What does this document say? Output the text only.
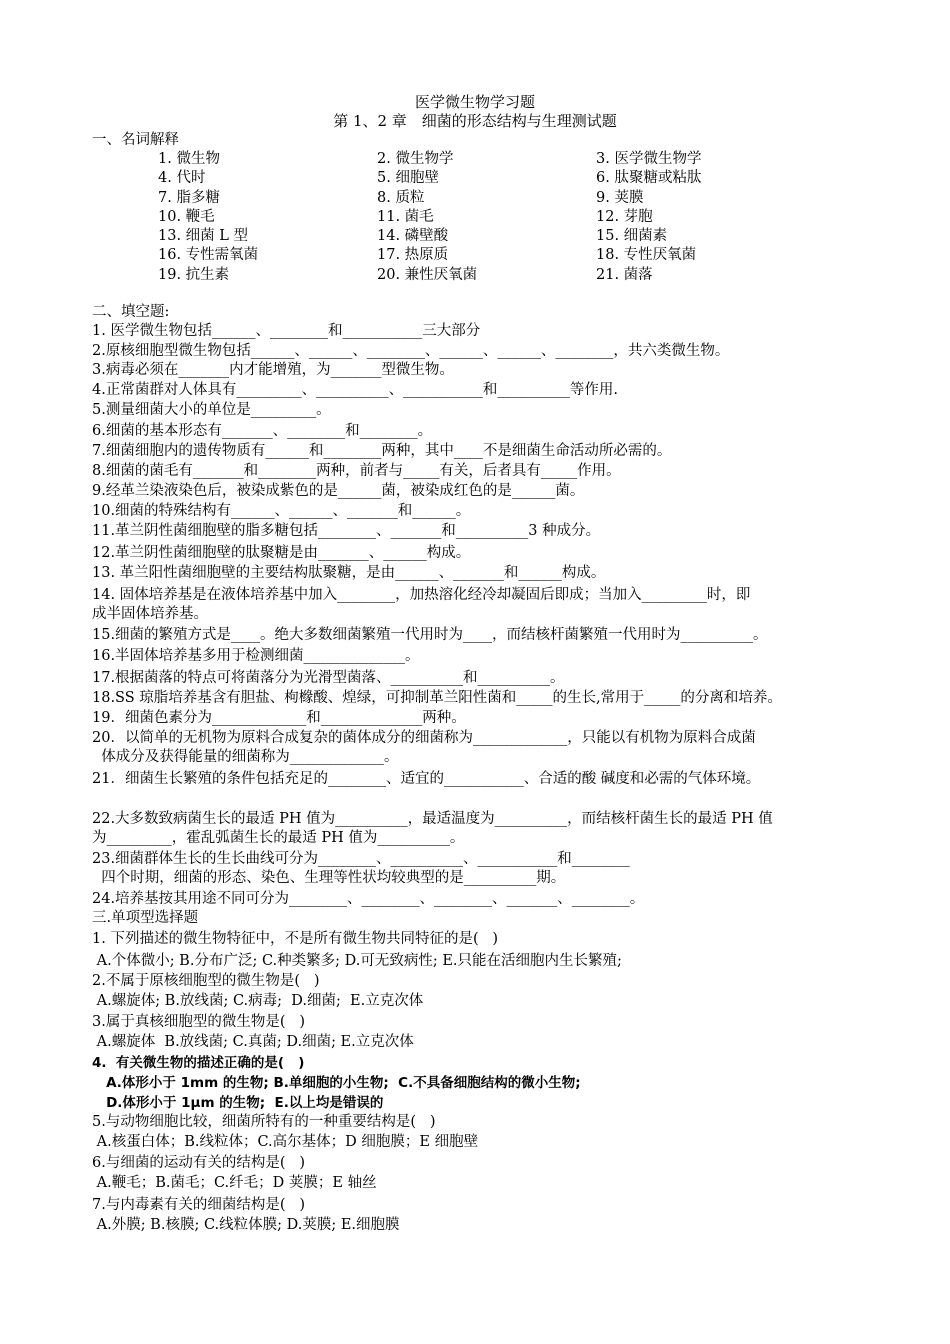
医学微生物学习题
第 1、2 章　细菌的形态结构与生理测试题
一、名词解释
1. 微生物	2. 微生物学	3. 医学微生物学
4. 代时	5. 细胞壁	6. 肽聚糖或粘肽
7. 脂多糖	8. 质粒	9. 荚膜
10. 鞭毛	11. 菌毛	12. 芽胞
13. 细菌 L 型	14. 磷壁酸	15. 细菌素
16. 专性需氧菌	17. 热原质	18. 专性厌氧菌
19. 抗生素	20. 兼性厌氧菌	21. 菌落
二、填空题:
1. 医学微生物包括______、________和___________三大部分
2.原核细胞型微生物包括______、______、________、______、______、________，共六类微生物。
3.病毒必须在_______内才能增殖，为_______型微生物。
4.正常菌群对人体具有_________、__________、___________和__________等作用.
5.测量细菌大小的单位是_________。
6.细菌的基本形态有_______、________和________。
7.细菌细胞内的遗传物质有______和________两种，其中____不是细菌生命活动所必需的。
8.细菌的菌毛有_______和________两种，前者与_____有关，后者具有_____作用。
9.经革兰染液染色后，被染成紫色的是______菌，被染成红色的是______菌。
10.细菌的特殊结构有______、______、_______和______。
11.革兰阴性菌细胞壁的脂多糖包括________、_______和__________3 种成分。
12.革兰阴性菌细胞壁的肽聚糖是由_______、______构成。
13. 革兰阳性菌细胞壁的主要结构肽聚糖，是由______、_______和______构成。
14. 固体培养基是在液体培养基中加入________，加热溶化经冷却凝固后即成；当加入_________时，即
成半固体培养基。
15.细菌的繁殖方式是____。绝大多数细菌繁殖一代用时为____，而结核杆菌繁殖一代用时为__________。
16.半固体培养基多用于检测细菌______________。
17.根据菌落的特点可将菌落分为光滑型菌落、__________和__________。
18.SS 琼脂培养基含有胆盐、枸橼酸、煌绿，可抑制革兰阳性菌和_____的生长,常用于_____的分离和培养。
19．细菌色素分为_____________和______________两种。
20．以简单的无机物为原料合成复杂的菌体成分的细菌称为_____________，只能以有机物为原料合成菌
体成分及获得能量的细菌称为_____________。
21．细菌生长繁殖的条件包括充足的________、适宜的___________、合适的酸 碱度和必需的气体环境。
22.大多数致病菌生长的最适 PH 值为__________，最适温度为__________，而结核杆菌生长的最适 PH 值
为_________，霍乱弧菌生长的最适 PH 值为__________。
23.细菌群体生长的生长曲线可分为________、__________、___________和________
四个时期，细菌的形态、染色、生理等性状均较典型的是__________期。
24.培养基按其用途不同可分为________、________、________、_______、________。
三.单项型选择题
1. 下列描述的微生物特征中，不是所有微生物共同特征的是(   )
A.个体微小; B.分布广泛; C.种类繁多; D.可无致病性; E.只能在活细胞内生长繁殖;
2.不属于原核细胞型的微生物是(   )
A.螺旋体; B.放线菌; C.病毒;  D.细菌;  E.立克次体
3.属于真核细胞型的微生物是(   )
A.螺旋体  B.放线菌; C.真菌; D.细菌; E.立克次体
4.  有关微生物的描述正确的是(   )
A.体形小于 1mm 的生物; B.单细胞的小生物;  C.不具备细胞结构的微小生物;
D.体形小于 1μm 的生物;  E.以上均是错误的
5.与动物细胞比较，细菌所特有的一种重要结构是(   )
A.核蛋白体；B.线粒体；C.高尔基体；D 细胞膜；E 细胞壁
6.与细菌的运动有关的结构是(   )
A.鞭毛；B.菌毛；C.纤毛；D 荚膜；E 轴丝
7.与内毒素有关的细菌结构是(   )
A.外膜; B.核膜; C.线粒体膜; D.荚膜; E.细胞膜
